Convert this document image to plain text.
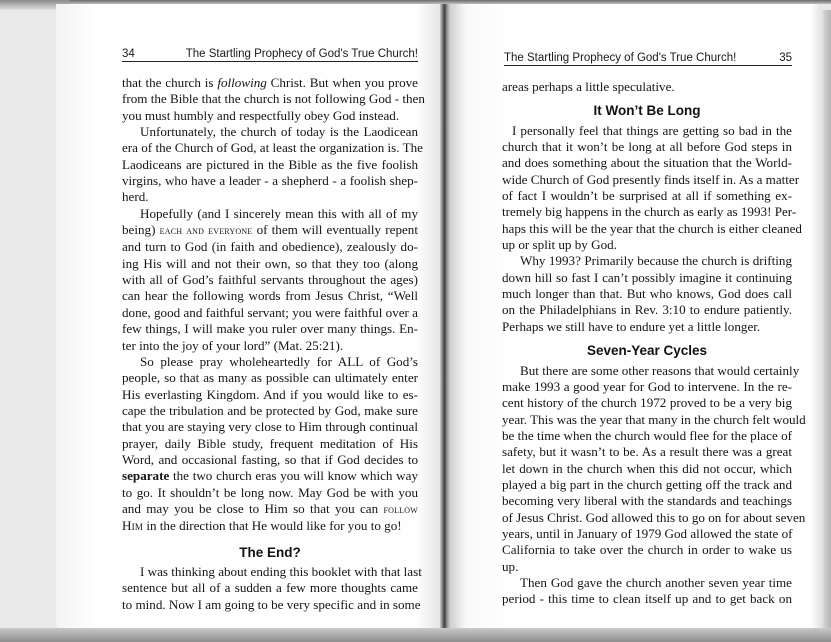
34	The Startling Prophecy of God's True Church!
that the church is following Christ. But when you prove
from the Bible that the church is not following God - then
you must humbly and respectfully obey God instead.
Unfortunately, the church of today is the Laodicean
era of the Church of God, at least the organization is. The
Laodiceans are pictured in the Bible as the five foolish
virgins, who have a leader - a shepherd - a foolish shep-
herd.
Hopefully (and I sincerely mean this with all of my
being) each and everyone of them will eventually repent
and turn to God (in faith and obedience), zealously do-
ing His will and not their own, so that they too (along
with all of God’s faithful servants throughout the ages)
can hear the following words from Jesus Christ, “Well
done, good and faithful servant; you were faithful over a
few things, I will make you ruler over many things. En-
ter into the joy of your lord” (Mat. 25:21).
So please pray wholeheartedly for ALL of God’s
people, so that as many as possible can ultimately enter
His everlasting Kingdom. And if you would like to es-
cape the tribulation and be protected by God, make sure
that you are staying very close to Him through continual
prayer, daily Bible study, frequent meditation of His
Word, and occasional fasting, so that if God decides to
separate the two church eras you will know which way
to go. It shouldn’t be long now. May God be with you
and may you be close to Him so that you can follow
Him in the direction that He would like for you to go!
The End?
I was thinking about ending this booklet with that last
sentence but all of a sudden a few more thoughts came
to mind. Now I am going to be very specific and in some
The Startling Prophecy of God's True Church!	35
areas perhaps a little speculative.
It Won’t Be Long
I personally feel that things are getting so bad in the
church that it won’t be long at all before God steps in
and does something about the situation that the World-
wide Church of God presently finds itself in. As a matter
of fact I wouldn’t be surprised at all if something ex-
tremely big happens in the church as early as 1993! Per-
haps this will be the year that the church is either cleaned
up or split up by God.
Why 1993? Primarily because the church is drifting
down hill so fast I can’t possibly imagine it continuing
much longer than that. But who knows, God does call
on the Philadelphians in Rev. 3:10 to endure patiently.
Perhaps we still have to endure yet a little longer.
Seven-Year Cycles
But there are some other reasons that would certainly
make 1993 a good year for God to intervene. In the re-
cent history of the church 1972 proved to be a very big
year. This was the year that many in the church felt would
be the time when the church would flee for the place of
safety, but it wasn’t to be. As a result there was a great
let down in the church when this did not occur, which
played a big part in the church getting off the track and
becoming very liberal with the standards and teachings
of Jesus Christ. God allowed this to go on for about seven
years, until in January of 1979 God allowed the state of
California to take over the church in order to wake us
up.
Then God gave the church another seven year time
period - this time to clean itself up and to get back on
